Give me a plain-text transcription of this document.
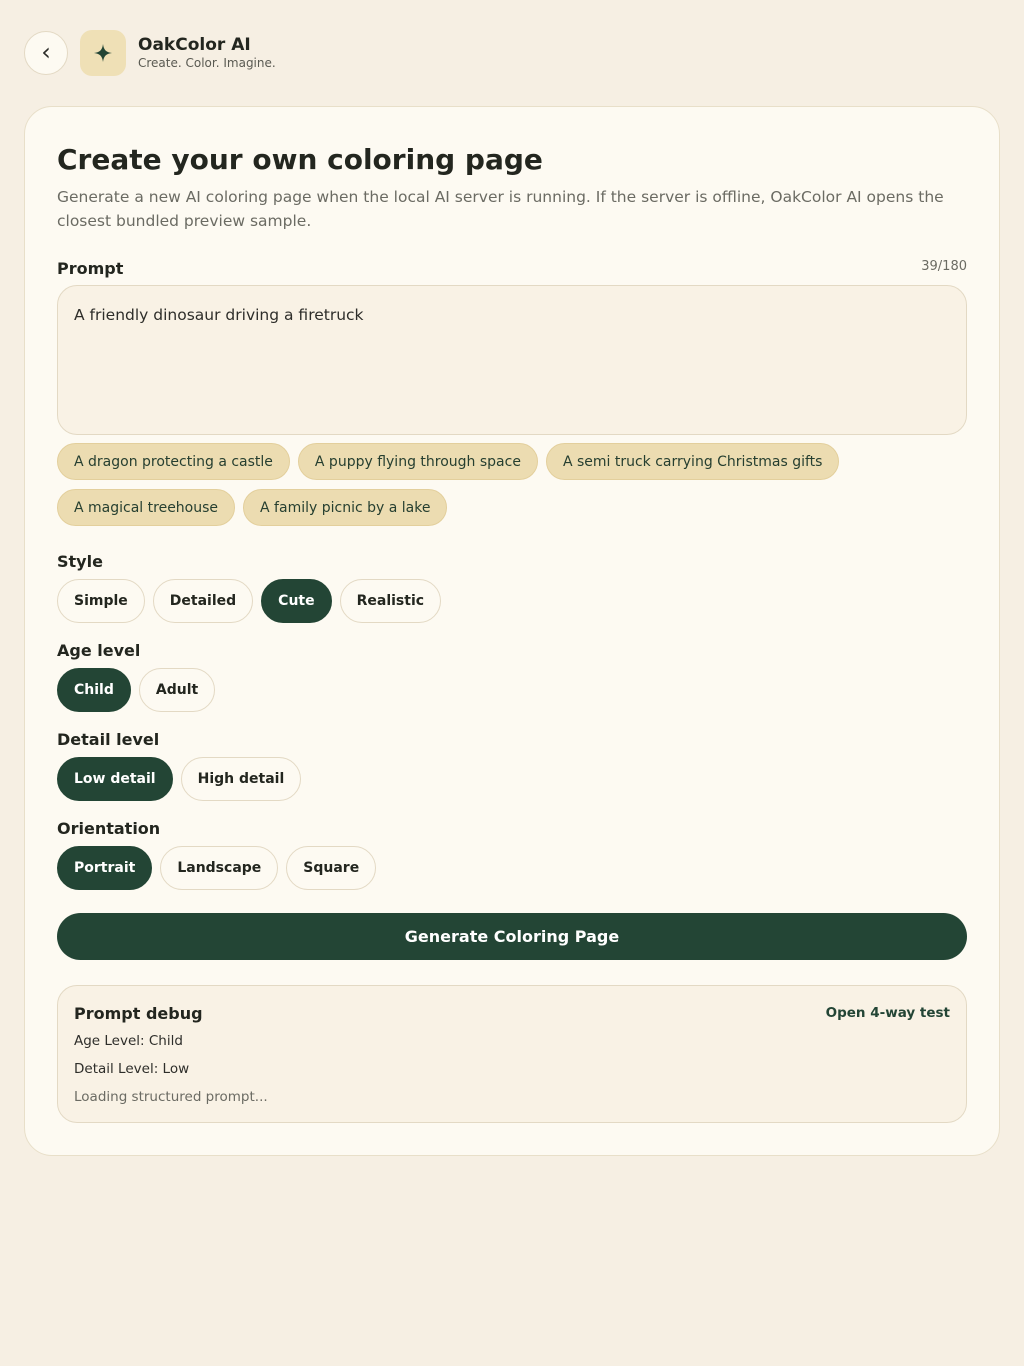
‹	OakColor AI
Create. Color. Imagine.
Create your own coloring page
Generate a new AI coloring page when the local AI server is running. If the server is offline, OakColor AI opens the closest bundled preview sample.
Prompt	39/180
A friendly dinosaur driving a firetruck
A dragon protecting a castle	A puppy flying through space	A semi truck carrying Christmas gifts
A magical treehouse	A family picnic by a lake
Style
Simple	Detailed	Cute	Realistic
Age level
Child	Adult
Detail level
Low detail	High detail
Orientation
Portrait	Landscape	Square
Generate Coloring Page
Prompt debug	Open 4-way test
Age Level: Child
Detail Level: Low
Loading structured prompt...
